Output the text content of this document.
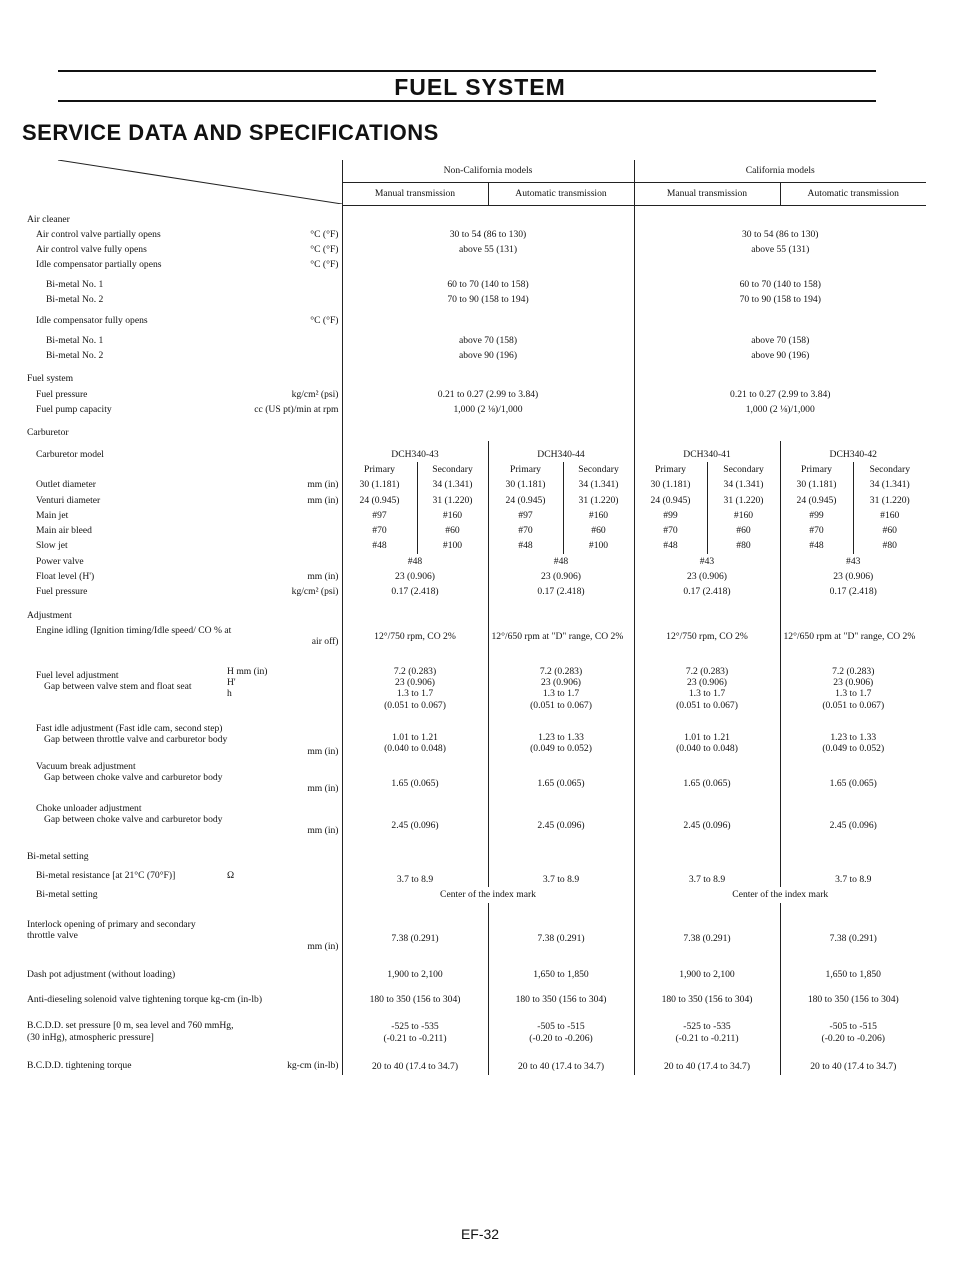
FUEL SYSTEM
SERVICE DATA AND SPECIFICATIONS
	Non-California models				California models			
		Manual transmission		Automatic transmission		Manual transmission		Automatic transmission	
Air cleaner									
Air control valve partially opens	°C (°F)	30 to 54 (86 to 130)				30 to 54 (86 to 130)			
Air control valve fully opens	°C (°F)	above 55 (131)				above 55 (131)			
Idle compensator partially opens	°C (°F)								
Bi-metal No. 1		60 to 70 (140 to 158)				60 to 70 (140 to 158)			
Bi-metal No. 2		70 to 90 (158 to 194)				70 to 90 (158 to 194)			
Idle compensator fully opens	°C (°F)								
Bi-metal No. 1		above 70 (158)				above 70 (158)			
Bi-metal No. 2		above 90 (196)				above 90 (196)			
Fuel system									
Fuel pressure	kg/cm² (psi)	0.21 to 0.27 (2.99 to 3.84)				0.21 to 0.27 (2.99 to 3.84)			
Fuel pump capacity	cc (US pt)/min at rpm	1,000 (2 ⅛)/1,000				1,000 (2 ⅛)/1,000			
Carburetor									
Carburetor model		DCH340-43		DCH340-44		DCH340-41		DCH340-42	
		Primary	Secondary	Primary	Secondary	Primary	Secondary	Primary	Secondary
Outlet diameter	mm (in)	30 (1.181)	34 (1.341)	30 (1.181)	34 (1.341)	30 (1.181)	34 (1.341)	30 (1.181)	34 (1.341)
Venturi diameter	mm (in)	24 (0.945)	31 (1.220)	24 (0.945)	31 (1.220)	24 (0.945)	31 (1.220)	24 (0.945)	31 (1.220)
Main jet		#97	#160	#97	#160	#99	#160	#99	#160
Main air bleed		#70	#60	#70	#60	#70	#60	#70	#60
Slow jet		#48	#100	#48	#100	#48	#80	#48	#80
Power valve		#48		#48		#43		#43	
Float level (H')	mm (in)	23 (0.906)		23 (0.906)		23 (0.906)		23 (0.906)	
Fuel pressure	kg/cm² (psi)	0.17 (2.418)		0.17 (2.418)		0.17 (2.418)		0.17 (2.418)	
Adjustment									

Engine idling (Ignition timing/Idle speed/ CO % at
air off)		12°/750 rpm, CO 2%		12°/650 rpm at "D" range, CO 2%		12°/750 rpm, CO 2%		12°/650 rpm at "D" range, CO 2%	

Fuel level adjustment
Gap between valve stem and float seat	H mm (in)
H'
h	7.2 (0.283)
23 (0.906)
1.3 to 1.7
(0.051 to 0.067)		7.2 (0.283)
23 (0.906)
1.3 to 1.7
(0.051 to 0.067)		7.2 (0.283)
23 (0.906)
1.3 to 1.7
(0.051 to 0.067)		7.2 (0.283)
23 (0.906)
1.3 to 1.7
(0.051 to 0.067)	

Fast idle adjustment (Fast idle cam, second step)
Gap between throttle valve and carburetor body
mm (in)		1.01 to 1.21
(0.040 to 0.048)		1.23 to 1.33
(0.049 to 0.052)		1.01 to 1.21
(0.040 to 0.048)		1.23 to 1.33
(0.049 to 0.052)	

Vacuum break adjustment
Gap between choke valve and carburetor body
mm (in)		1.65 (0.065)		1.65 (0.065)		1.65 (0.065)		1.65 (0.065)	

Choke unloader adjustment
Gap between choke valve and carburetor body
mm (in)		2.45 (0.096)		2.45 (0.096)		2.45 (0.096)		2.45 (0.096)	
Bi-metal setting									
Bi-metal resistance [at 21°C (70°F)]	Ω	3.7 to 8.9		3.7 to 8.9		3.7 to 8.9		3.7 to 8.9	
Bi-metal setting		Center of the index mark				Center of the index mark			

Interlock opening of primary and secondary
throttle valve
mm (in)		7.38 (0.291)		7.38 (0.291)		7.38 (0.291)		7.38 (0.291)	
Dash pot adjustment (without loading)		1,900 to 2,100		1,650 to 1,850		1,900 to 2,100		1,650 to 1,850	
Anti-dieseling solenoid valve tightening torque kg-cm (in-lb)		180 to 350 (156 to 304)		180 to 350 (156 to 304)		180 to 350 (156 to 304)		180 to 350 (156 to 304)	

B.C.D.D. set pressure [0 m, sea level and 760 mmHg,
(30 inHg), atmospheric pressure]		-525 to -535
(-0.21 to -0.211)		-505 to -515
(-0.20 to -0.206)		-525 to -535
(-0.21 to -0.211)		-505 to -515
(-0.20 to -0.206)	

B.C.D.D. tightening torque kg-cm (in-lb)		20 to 40 (17.4 to 34.7)		20 to 40 (17.4 to 34.7)		20 to 40 (17.4 to 34.7)		20 to 40 (17.4 to 34.7)	
EF-32
